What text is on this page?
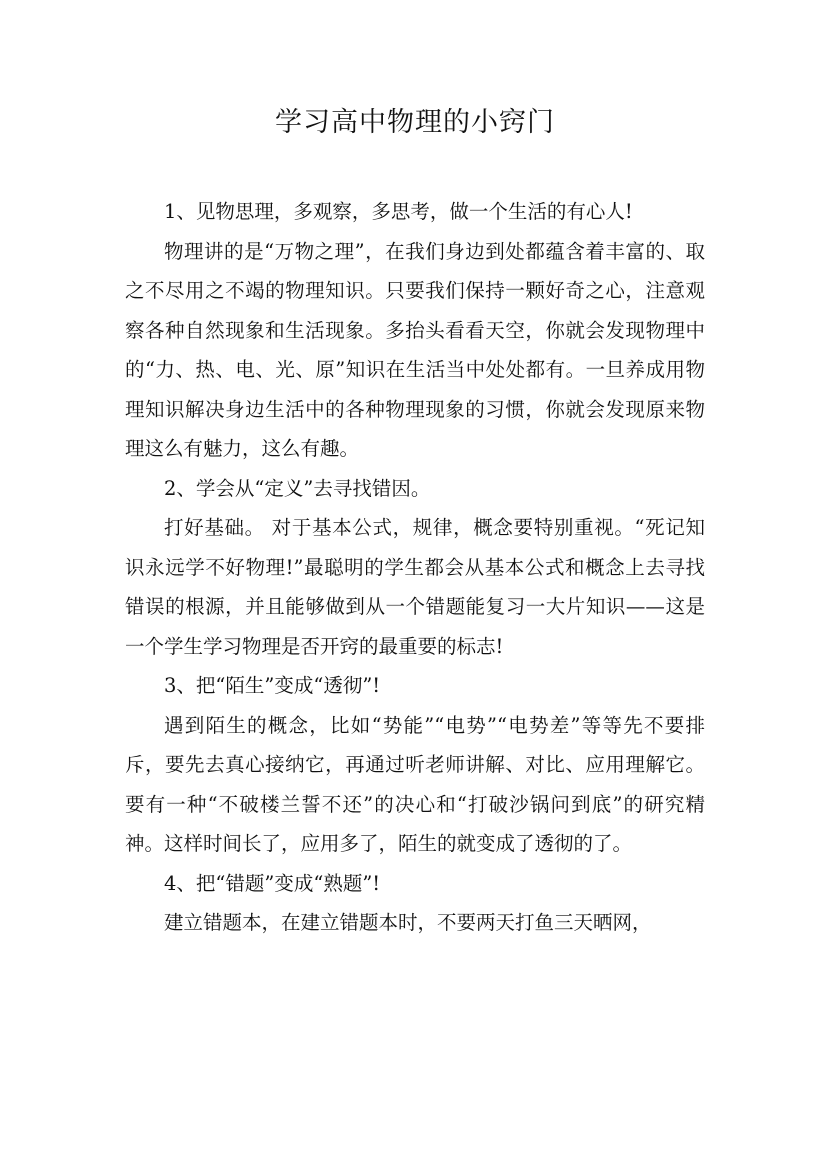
学习高中物理的小窍门

1、见物思理，多观察，多思考，做一个生活的有心人!

物理讲的是“万物之理”，在我们身边到处都蕴含着丰富的、取之不尽用之不竭的物理知识。只要我们保持一颗好奇之心，注意观察各种自然现象和生活现象。多抬头看看天空，你就会发现物理中的“力、热、电、光、原”知识在生活当中处处都有。一旦养成用物理知识解决身边生活中的各种物理现象的习惯，你就会发现原来物理这么有魅力，这么有趣。

2、学会从“定义”去寻找错因。

打好基础。 对于基本公式，规律，概念要特别重视。“死记知识永远学不好物理!”最聪明的学生都会从基本公式和概念上去寻找错误的根源，并且能够做到从一个错题能复习一大片知识——这是一个学生学习物理是否开窍的最重要的标志!

3、把“陌生”变成“透彻”!

遇到陌生的概念，比如“势能”“电势”“电势差”等等先不要排斥，要先去真心接纳它，再通过听老师讲解、对比、应用理解它。要有一种“不破楼兰誓不还”的决心和“打破沙锅问到底”的研究精神。这样时间长了，应用多了，陌生的就变成了透彻的了。

4、把“错题”变成“熟题”!

建立错题本，在建立错题本时，不要两天打鱼三天晒网，
